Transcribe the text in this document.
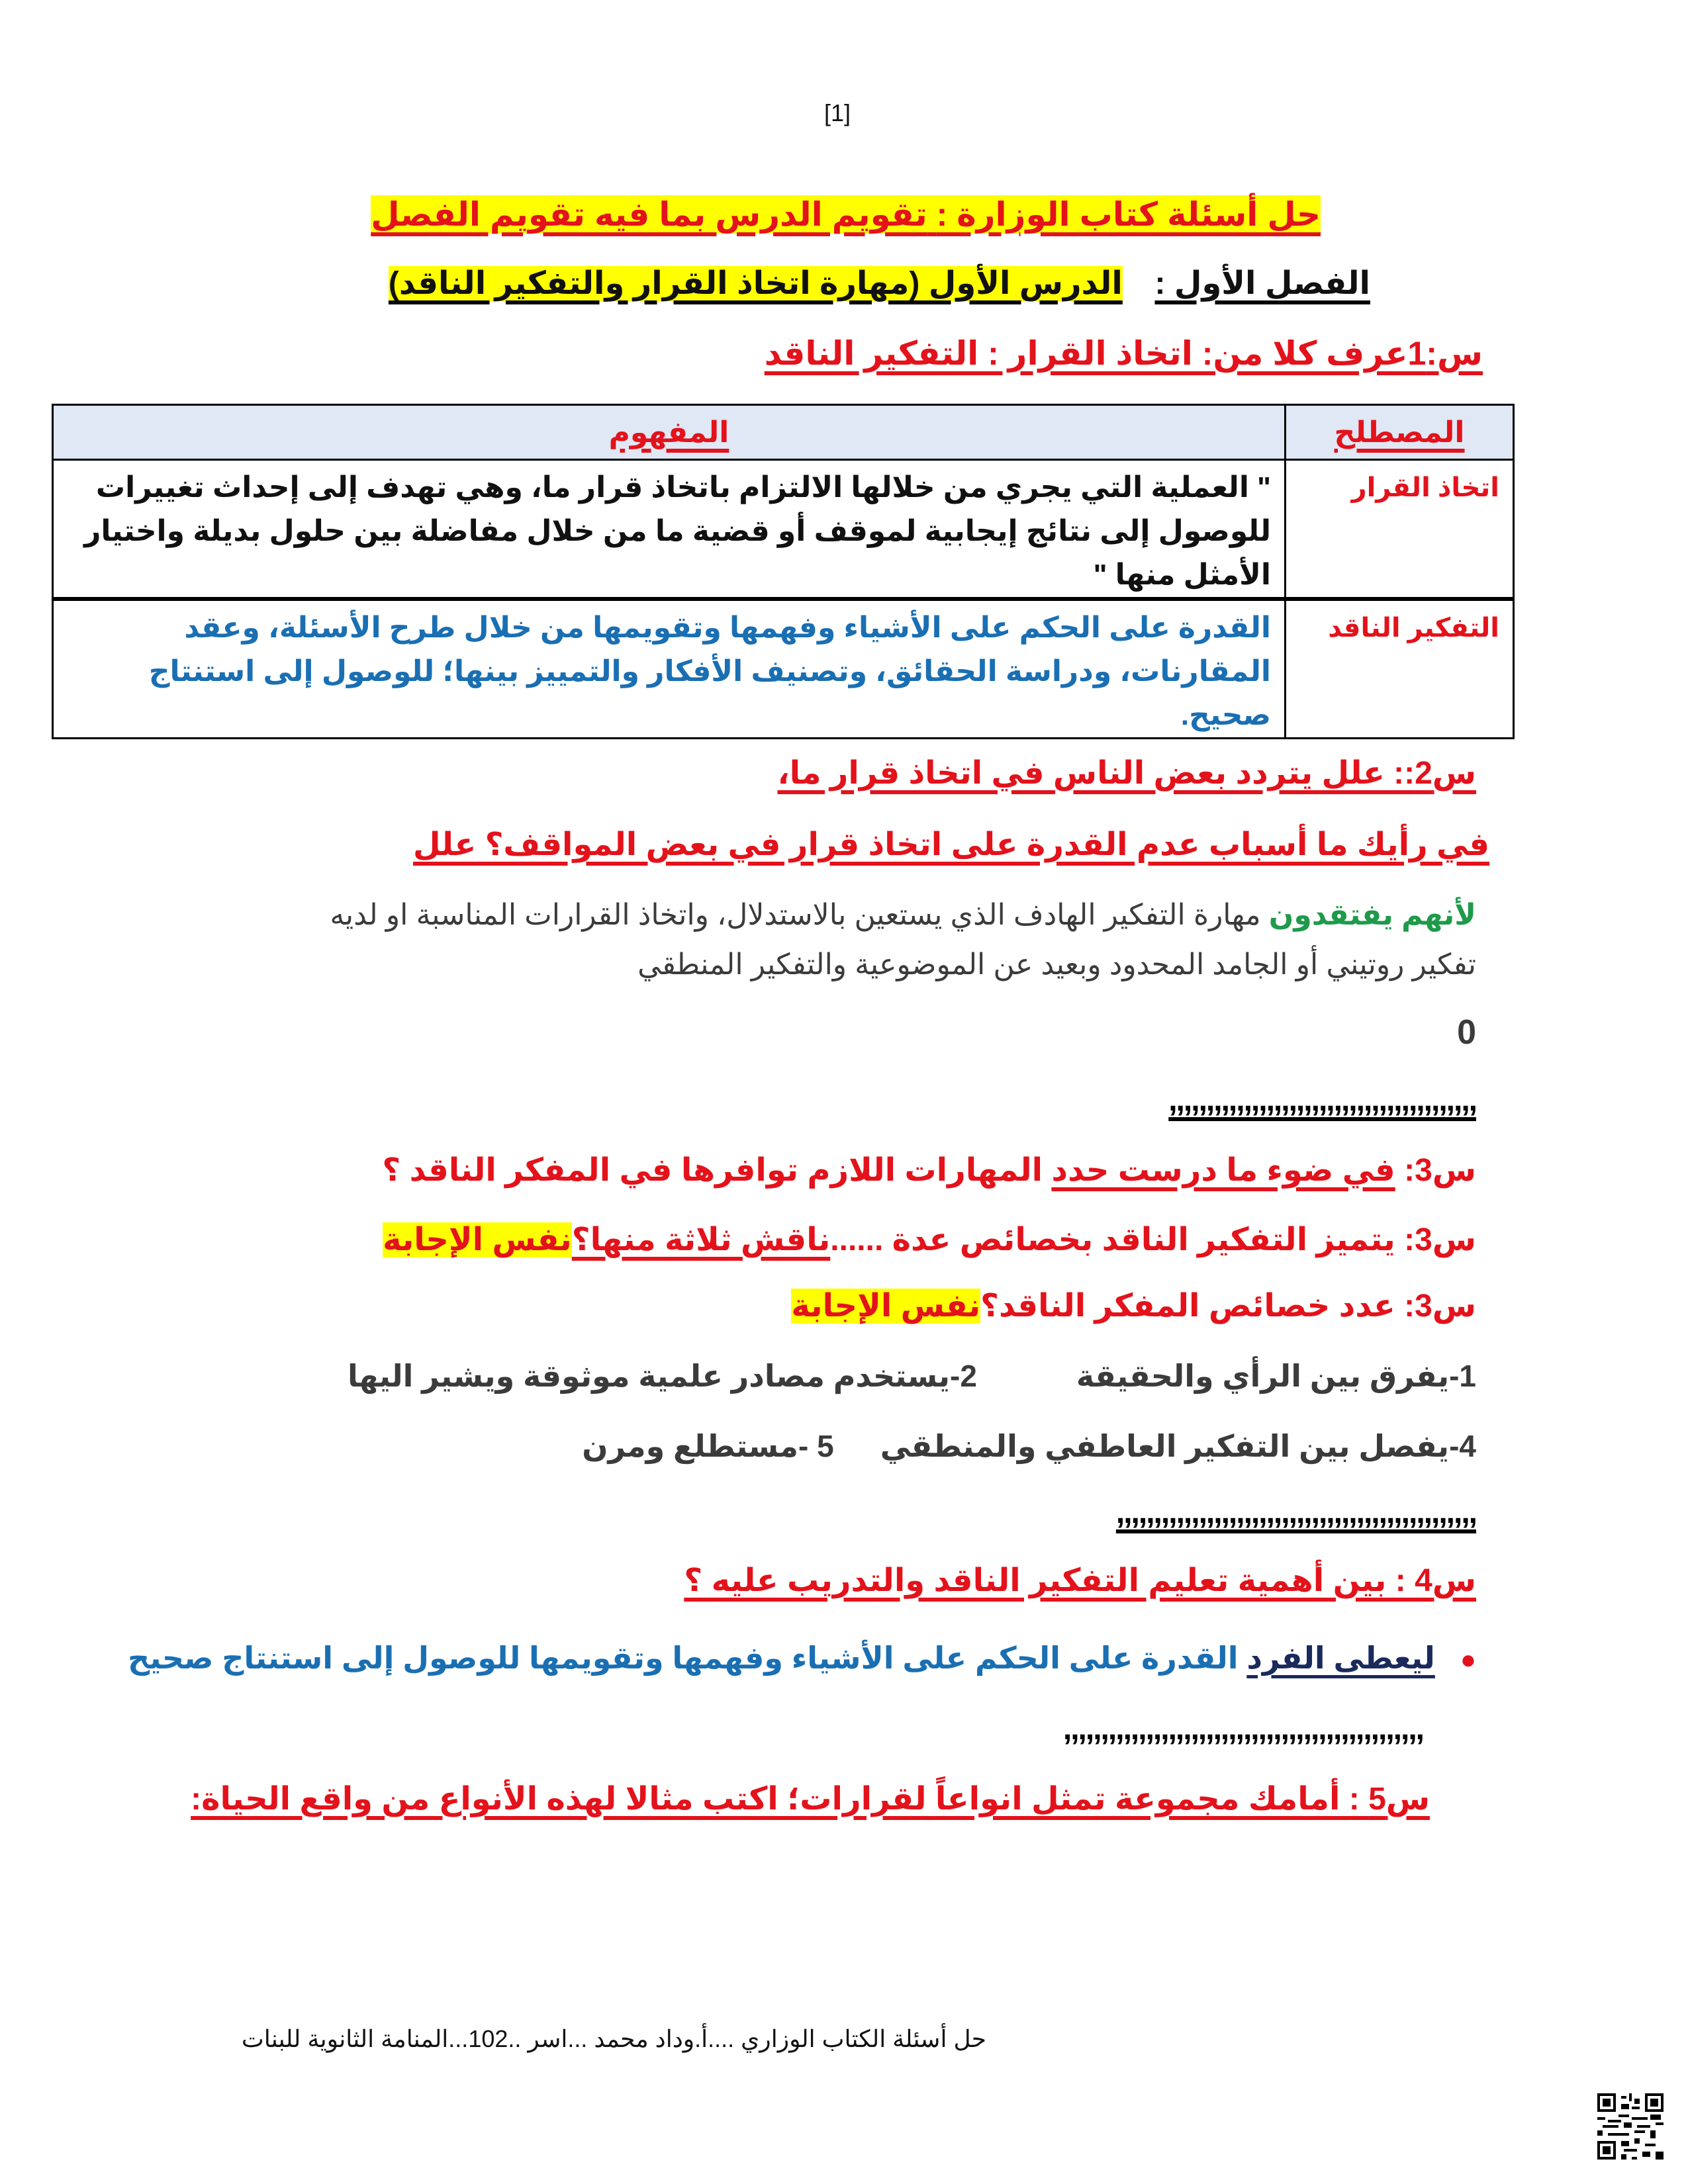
[1]
حل أسئلة كتاب الوزارة : تقويم الدرس بما فيه تقويم الفصل
الفصل الأول :  الدرس الأول (مهارة اتخاذ القرار والتفكير الناقد)
س:1عرف كلا من: اتخاذ القرار : التفكير الناقد
المصطلح	المفهوم
اتخاذ القرار	" العملية التي يجري من خلالها الالتزام باتخاذ قرار ما، وهي تهدف إلى إحداث تغييرات للوصول إلى نتائج إيجابية لموقف أو قضية ما من خلال مفاضلة بين حلول بديلة واختيار الأمثل منها "
التفكير الناقد	القدرة على الحكم على الأشياء وفهمها وتقويمها من خلال طرح الأسئلة، وعقد المقارنات، ودراسة الحقائق، وتصنيف الأفكار والتمييز بينها؛ للوصول إلى استنتاج صحيح.
س2:: علل يتردد بعض الناس في اتخاذ قرار ما،
في رأيك ما أسباب عدم القدرة على اتخاذ قرار في بعض المواقف؟ علل
لأنهم يفتقدون مهارة التفكير الهادف الذي يستعين بالاستدلال، واتخاذ القرارات المناسبة او لديه تفكير روتيني أو الجامد المحدود وبعيد عن الموضوعية والتفكير المنطقي
0
,,,,,,,,,,,,,,,,,,,,,,,,,,,,,,,,,,,,,,,,,
س3: في ضوء ما درست حدد المهارات اللازم توافرها في المفكر الناقد ؟
س3: يتميز التفكير الناقد بخصائص عدة ......ناقش ثلاثة منها؟نفس الإجابة
س3: عدد خصائص المفكر الناقد؟نفس الإجابة
1-يفرق بين الرأي والحقيقة2-يستخدم مصادر علمية موثوقة ويشير اليها
4-يفصل بين التفكير العاطفي والمنطقي5 -مستطلع ومرن
,,,,,,,,,,,,,,,,,,,,,,,,,,,,,,,,,,,,,,,,,,,,,,,,
س4 : بين أهمية تعليم التفكير الناقد والتدريب عليه ؟
●ليعطى الفرد القدرة على الحكم على الأشياء وفهمها وتقويمها للوصول إلى استنتاج صحيح
,,,,,,,,,,,,,,,,,,,,,,,,,,,,,,,,,,,,,,,,,,,,,,,,
س5 : أمامك مجموعة تمثل انواعاً لقرارات؛ اكتب مثالا لهذه الأنواع من واقع الحياة:
حل أسئلة الكتاب الوزاري ....أ.وداد محمد ...اسر ..102...المنامة الثانوية للبنات
